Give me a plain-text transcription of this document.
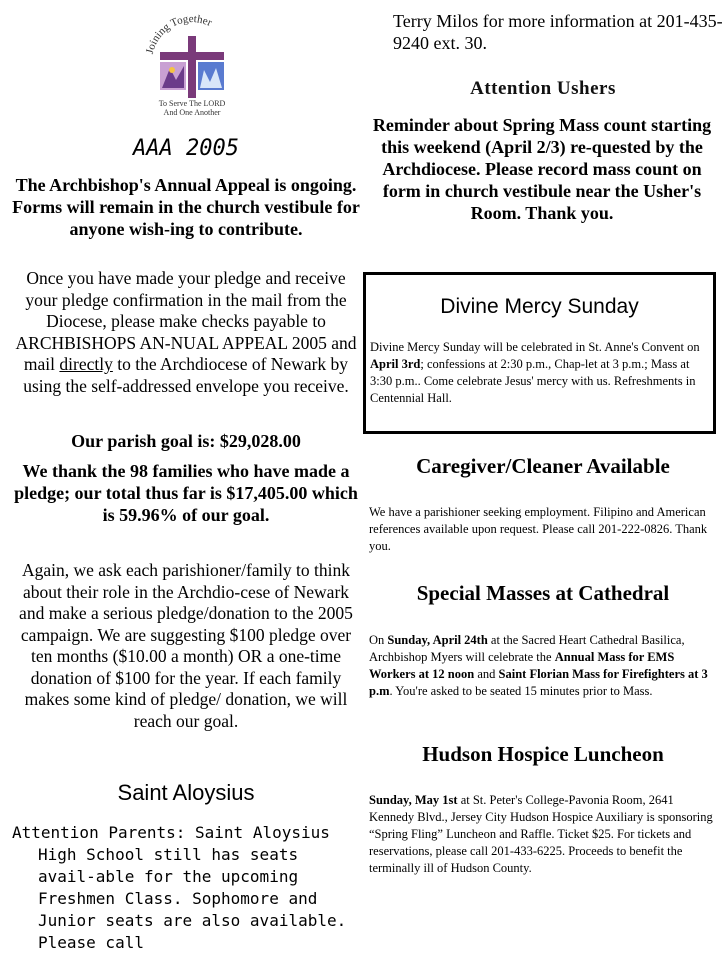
Joining Together
To Serve The LORD
And One Another
AAA 2005

The Archbishop's Annual Appeal is ongoing. Forms will remain in the church vestibule for anyone wish-ing to contribute.

Once you have made your pledge and receive your pledge confirmation in the mail from the Diocese, please make checks payable to ARCHBISHOPS AN-NUAL APPEAL 2005 and mail directly to the Archdiocese of Newark by using the self-addressed envelope you receive.

Our parish goal is: $29,028.00

We thank the 98 families who have made a pledge; our total thus far is $17,405.00 which is 59.96% of our goal.

Again, we ask each parishioner/family to think about their role in the Archdio-cese of Newark and make a serious pledge/donation to the 2005 campaign. We are suggesting $100 pledge over ten months ($10.00 a month) OR a one-time donation of $100 for the year. If each family makes some kind of pledge/ donation, we will reach our goal.

Saint Aloysius
Attention Parents: Saint Aloysius
High School still has seats avail-able for the upcoming Freshmen Class. Sophomore and Junior seats are also available. Please call
Terry Milos for more information at 201-435-9240 ext. 30.
Attention Ushers
Reminder about Spring Mass count starting this weekend (April 2/3) re-quested by the Archdiocese. Please record mass count on form in church vestibule near the Usher's Room. Thank you.
Divine Mercy Sunday
Divine Mercy Sunday will be celebrated in St. Anne's Convent on April 3rd; confessions at 2:30 p.m., Chap-let at 3 p.m.; Mass at 3:30 p.m.. Come celebrate Jesus' mercy with us. Refreshments in Centennial Hall.
Caregiver/Cleaner Available
We have a parishioner seeking employment. Filipino and American references available upon request. Please call 201-222-0826. Thank you.
Special Masses at Cathedral
On Sunday, April 24th at the Sacred Heart Cathedral Basilica, Archbishop Myers will celebrate the Annual Mass for EMS Workers at 12 noon and Saint Florian Mass for Firefighters at 3 p.m. You're asked to be seated 15 minutes prior to Mass.
Hudson Hospice Luncheon
Sunday, May 1st at St. Peter's College-Pavonia Room, 2641 Kennedy Blvd., Jersey City Hudson Hospice Auxiliary is sponsoring “Spring Fling” Luncheon and Raffle. Ticket $25. For tickets and reservations, please call 201-433-6225. Proceeds to benefit the terminally ill of Hudson County.
